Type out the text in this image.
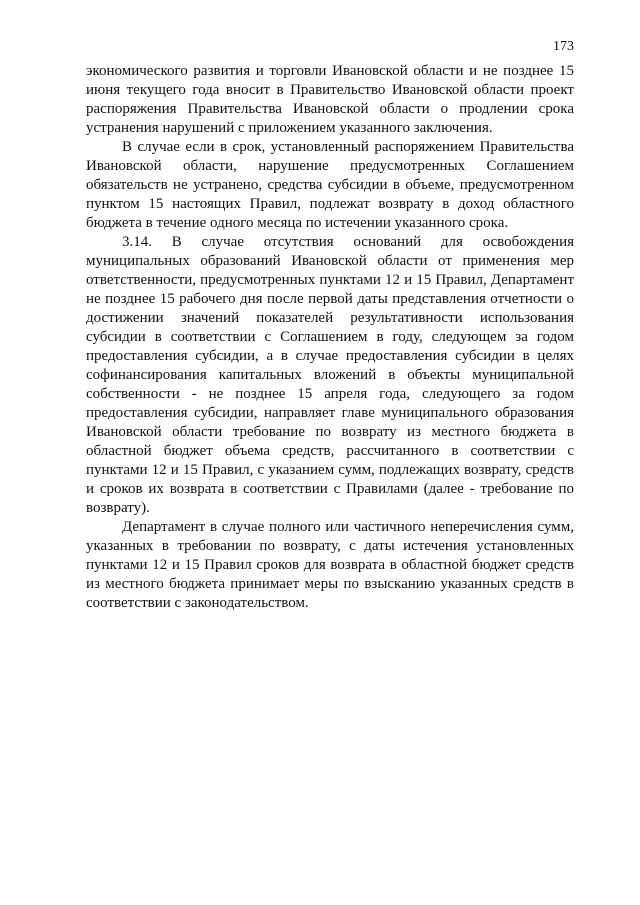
173

экономического развития и торговли Ивановской области и не позднее 15 июня текущего года вносит в Правительство Ивановской области проект распоряжения Правительства Ивановской области о продлении срока устранения нарушений с приложением указанного заключения.

В случае если в срок, установленный распоряжением Правительства Ивановской области, нарушение предусмотренных Соглашением обязательств не устранено, средства субсидии в объеме, предусмотренном пунктом 15 настоящих Правил, подлежат возврату в доход областного бюджета в течение одного месяца по истечении указанного срока.

3.14. В случае отсутствия оснований для освобождения муниципальных образований Ивановской области от применения мер ответственности, предусмотренных пунктами 12 и 15 Правил, Департамент не позднее 15 рабочего дня после первой даты представления отчетности о достижении значений показателей результативности использования субсидии в соответствии с Соглашением в году, следующем за годом предоставления субсидии, а в случае предоставления субсидии в целях софинансирования капитальных вложений в объекты муниципальной собственности - не позднее 15 апреля года, следующего за годом предоставления субсидии, направляет главе муниципального образования Ивановской области требование по возврату из местного бюджета в областной бюджет объема средств, рассчитанного в соответствии с пунктами 12 и 15 Правил, с указанием сумм, подлежащих возврату, средств и сроков их возврата в соответствии с Правилами (далее - требование по возврату).

Департамент в случае полного или частичного неперечисления сумм, указанных в требовании по возврату, с даты истечения установленных пунктами 12 и 15 Правил сроков для возврата в областной бюджет средств из местного бюджета принимает меры по взысканию указанных средств в соответствии с законодательством.
